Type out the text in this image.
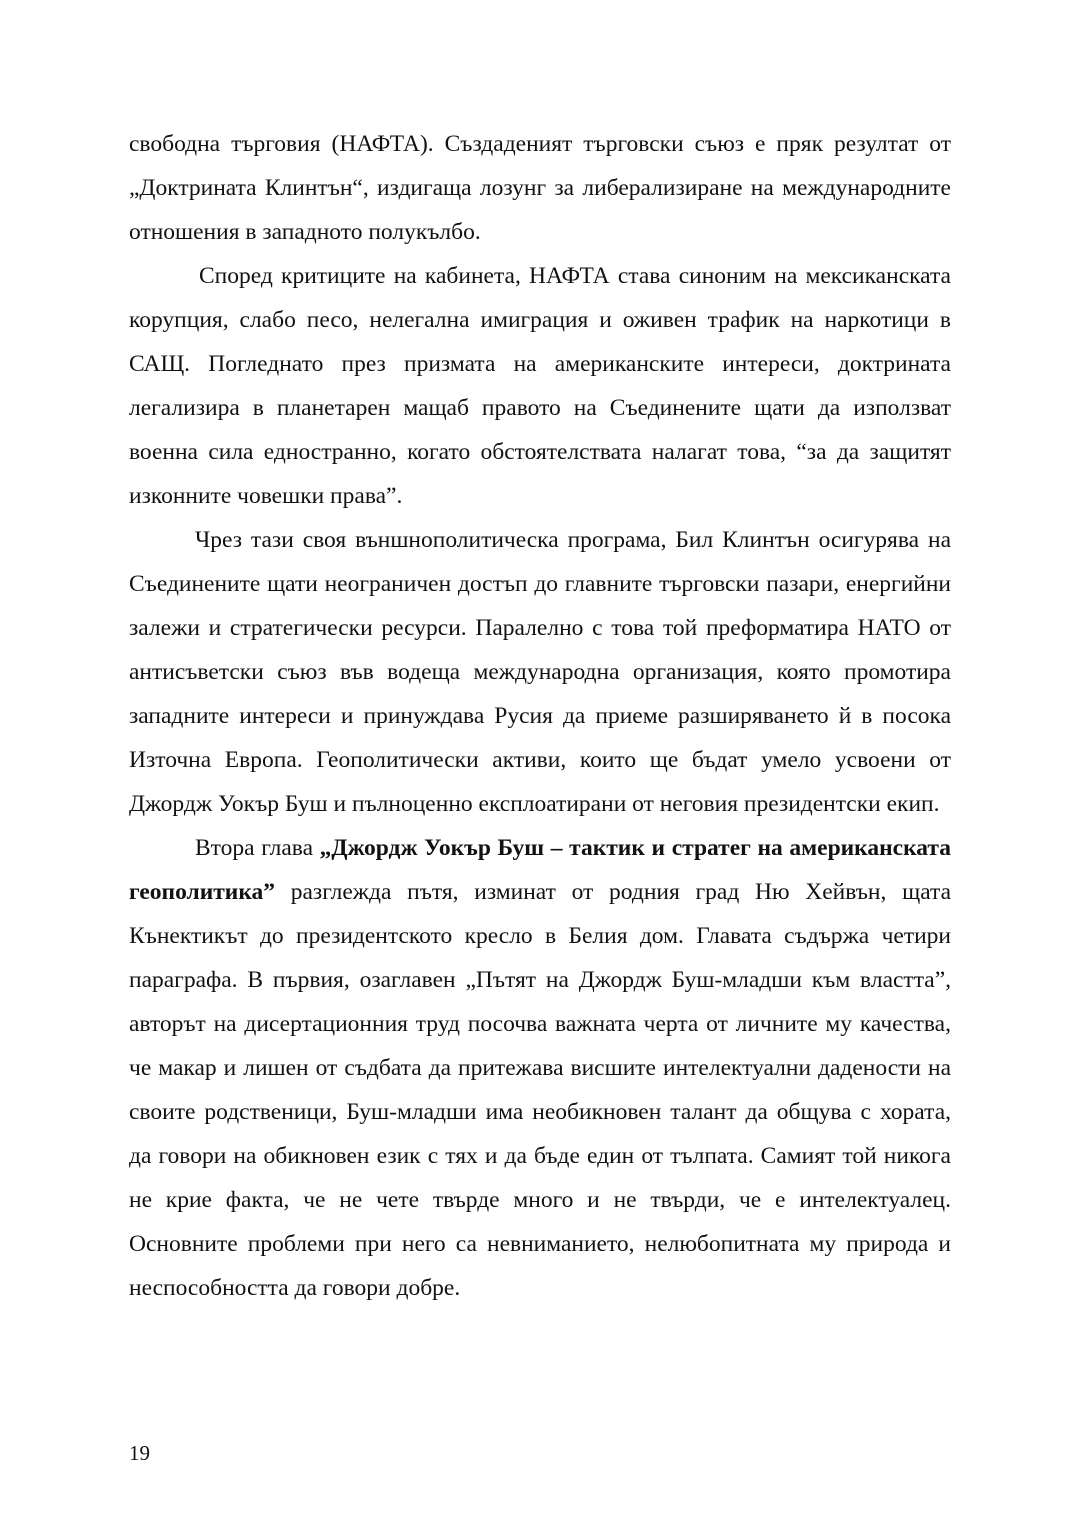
свободна търговия (НАФТА). Създаденият търговски съюз е пряк резултат от „Доктрината Клинтън“, издигаща лозунг за либерализиране на международните отношения в западното полукълбо.

Според критиците на кабинета, НАФТА става синоним на мексиканската корупция, слабо песо, нелегална имиграция и оживен трафик на наркотици в САЩ. Погледнато през призмата на американските интереси, доктрината легализира в планетарен мащаб правото на Съединените щати да използват военна сила едностранно, когато обстоятелствата налагат това, “за да защитят изконните човешки права”.

Чрез тази своя външнополитическа програма, Бил Клинтън осигурява на Съединените щати неограничен достъп до главните търговски пазари, енергийни залежи и стратегически ресурси. Паралелно с това той преформатира НАТО от антисъветски съюз във водеща международна организация, която промотира западните интереси и принуждава Русия да приеме разширяването й в посока Източна Европа. Геополитически активи, които ще бъдат умело усвоени от Джордж Уокър Буш и пълноценно експлоатирани от неговия президентски екип.

Втора глава „Джордж Уокър Буш – тактик и стратег на американската геополитика” разглежда пътя, изминат от родния град Ню Хейвън, щата Кънектикът до президентското кресло в Белия дом. Главата съдържа четири параграфа. В първия, озаглавен „Пътят на Джордж Буш-младши към властта”, авторът на дисертационния труд посочва важната черта от личните му качества, че макар и лишен от съдбата да притежава висшите интелектуални дадености на своите родственици, Буш-младши има необикновен талант да общува с хората, да говори на обикновен език с тях и да бъде един от тълпата. Самият той никога не крие факта, че не чете твърде много и не твърди, че е интелектуалец. Основните проблеми при него са невниманието, нелюбопитната му природа и неспособността да говори добре.

19
